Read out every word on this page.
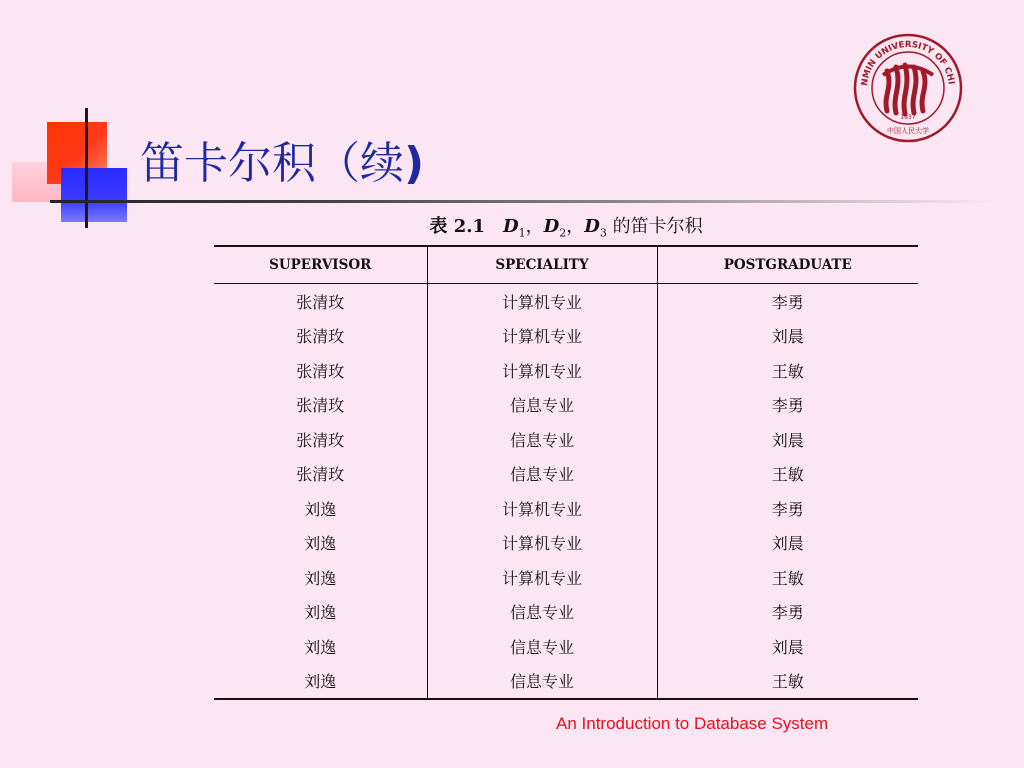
笛卡尔积（续)
NMIN UNIVERSITY OF CHI
1937
中国人民大学
表 2.1 $D_1$，$D_2$，$D_3$ 的笛卡尔积
SUPERVISOR	SPECIALITY	POSTGRADUATE
张清玫	计算机专业	李勇
张清玫	计算机专业	刘晨
张清玫	计算机专业	王敏
张清玫	信息专业	李勇
张清玫	信息专业	刘晨
张清玫	信息专业	王敏
刘逸	计算机专业	李勇
刘逸	计算机专业	刘晨
刘逸	计算机专业	王敏
刘逸	信息专业	李勇
刘逸	信息专业	刘晨
刘逸	信息专业	王敏
An Introduction to Database System
